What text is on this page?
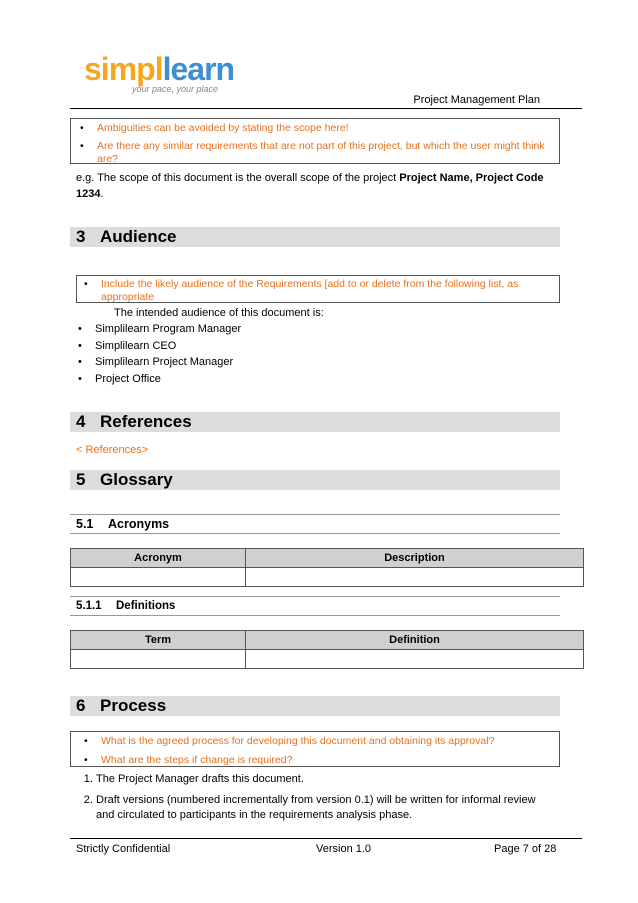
simpllearn
your pace, your place
Project Management Plan
• Ambiguities can be avoided by stating the scope here!
• Are there any similar requirements that are not part of this project, but which the user might think are?
e.g. The scope of this document is the overall scope of the project Project Name, Project Code 1234.
3 Audience
• Include the likely audience of the Requirements [add to or delete from the following list, as appropriate
The intended audience of this document is:
• Simplilearn Program Manager
• Simplilearn CEO
• Simplilearn Project Manager
• Project Office
4 References
< References>
5 Glossary
5.1 Acronyms
Acronym	Description

5.1.1 Definitions
Term	Definition

6 Process
• What is the agreed process for developing this document and obtaining its approval?
• What are the steps if change is required?
1. The Project Manager drafts this document.
2. Draft versions (numbered incrementally from version 0.1) will be written for informal review and circulated to participants in the requirements analysis phase.
Strictly Confidential	Version 1.0	Page 7 of 28
